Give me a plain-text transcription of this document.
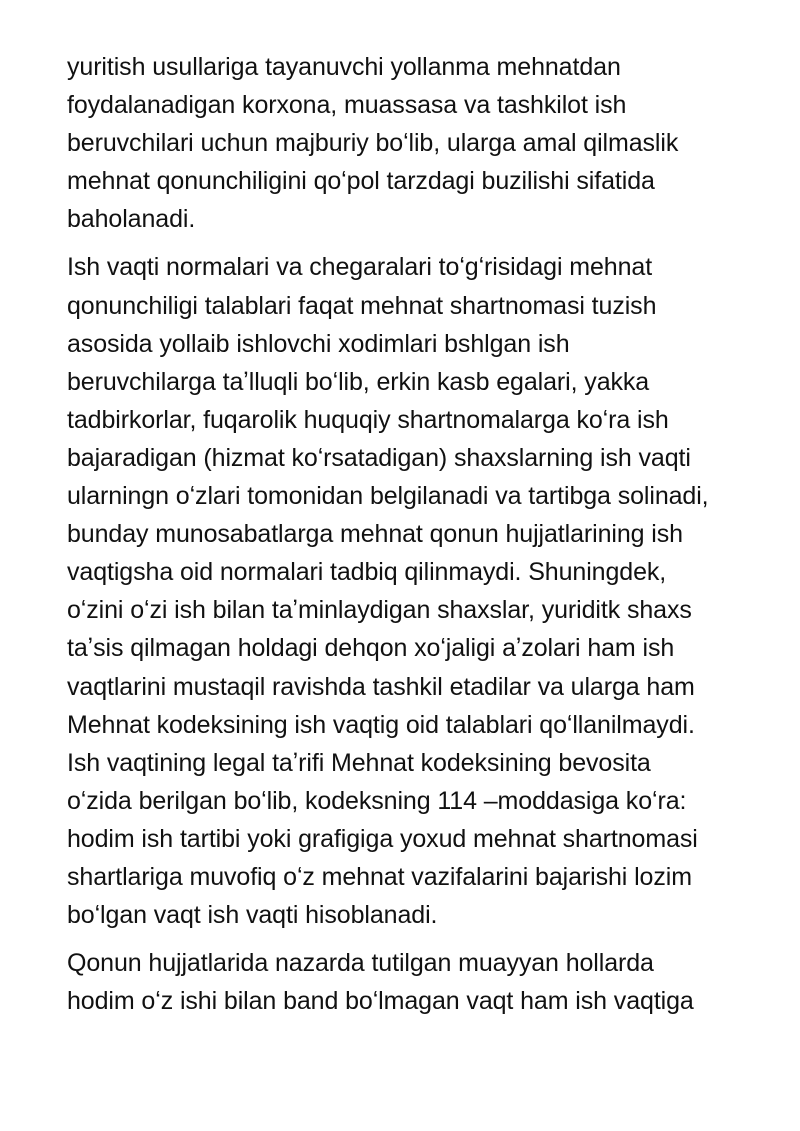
yuritish usullariga tayanuvchi yollanma mehnatdan
foydalanadigan korxona, muassasa va tashkilot ish
beruvchilari uchun majburiy boʻlib, ularga amal qilmaslik
mehnat qonunchiligini qoʻpol tarzdagi buzilishi sifatida
baholanadi.

Ish vaqti normalari va chegaralari toʻgʻrisidagi mehnat
qonunchiligi talablari faqat mehnat shartnomasi tuzish
asosida yollaib ishlovchi xodimlari bshlgan ish
beruvchilarga taʼlluqli boʻlib, erkin kasb egalari, yakka
tadbirkorlar, fuqarolik huquqiy shartnomalarga koʻra ish
bajaradigan (hizmat koʻrsatadigan) shaxslarning ish vaqti
ularningn oʻzlari tomonidan belgilanadi va tartibga solinadi,
bunday munosabatlarga mehnat qonun hujjatlarining ish
vaqtigsha oid normalari tadbiq qilinmaydi. Shuningdek,
oʻzini oʻzi ish bilan taʼminlaydigan shaxslar, yuriditk shaxs
taʼsis qilmagan holdagi dehqon xoʻjaligi aʼzolari ham ish
vaqtlarini mustaqil ravishda tashkil etadilar va ularga ham
Mehnat kodeksining ish vaqtig oid talablari qoʻllanilmaydi.
Ish vaqtining legal taʼrifi Mehnat kodeksining bevosita
oʻzida berilgan boʻlib, kodeksning 114 –moddasiga koʻra:
hodim ish tartibi yoki grafigiga yoxud mehnat shartnomasi
shartlariga muvofiq oʻz mehnat vazifalarini bajarishi lozim
boʻlgan vaqt ish vaqti hisoblanadi.

Qonun hujjatlarida nazarda tutilgan muayyan hollarda
hodim oʻz ishi bilan band boʻlmagan vaqt ham ish vaqtiga
